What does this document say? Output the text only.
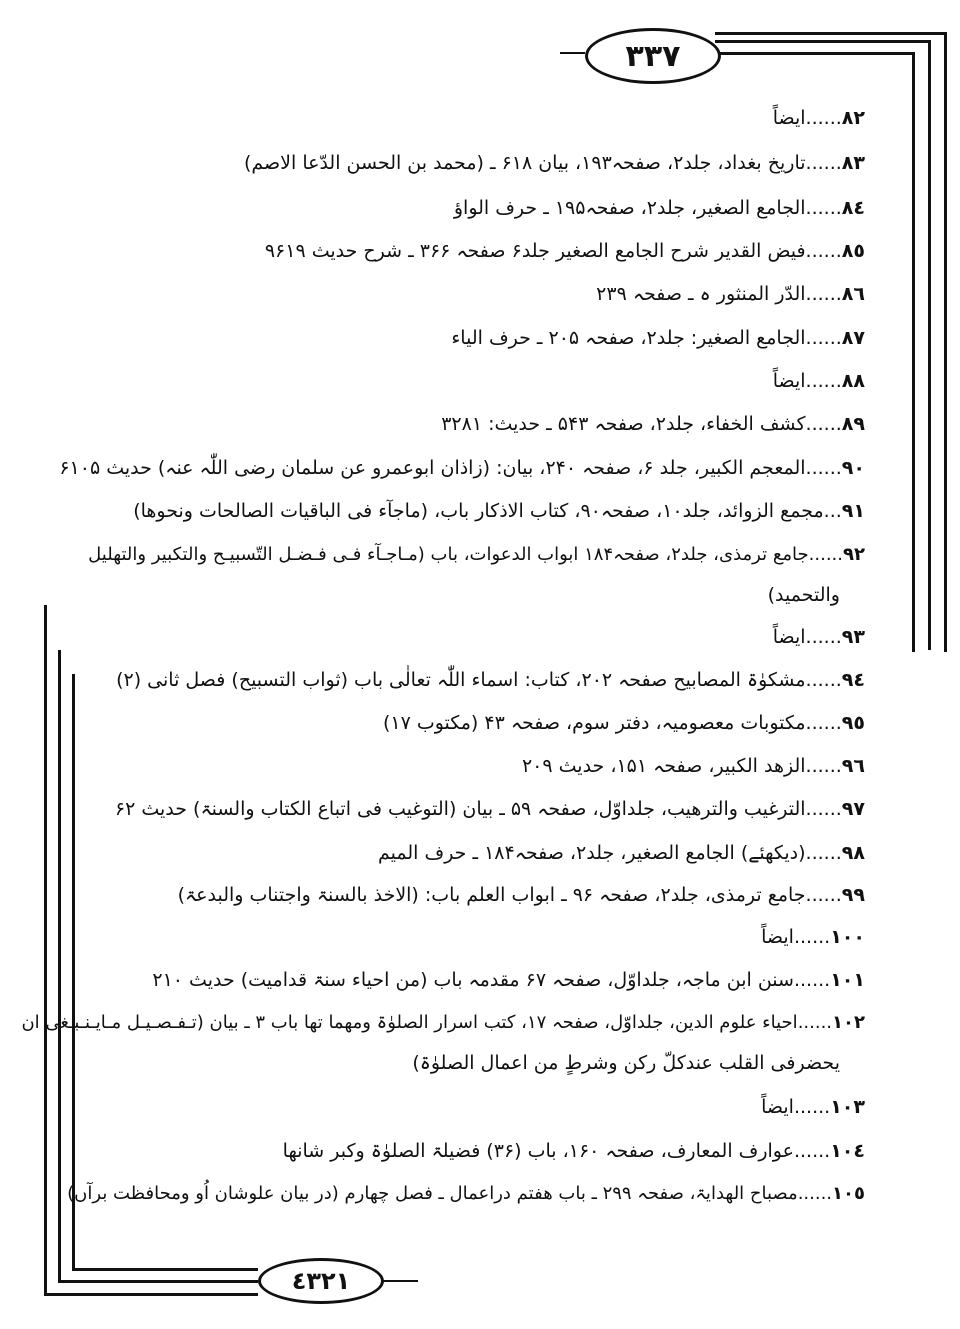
٣٣٧
٤٣٢١
٨٢......ايضاً
٨٣......تاریخ بغداد، جلد۲، صفحہ۱۹۳، بیان ۶۱۸ ـ (محمد بن الحسن الدّعا الاصم)
٨٤......الجامع الصغیر، جلد۲، صفحہ۱۹۵ ـ حرف الواؤ
٨٥......فیض القدیر شرح الجامع الصغیر جلد۶ صفحہ ۳۶۶ ـ شرح حدیث ۹۶۱۹
٨٦......الدّر المنثور ہ ـ صفحہ ۲۳۹
٨٧......الجامع الصغیر: جلد۲، صفحہ ۲۰۵ ـ حرف الیاء
٨٨......ایضاً
٨٩......کشف الخفاء، جلد۲، صفحہ ۵۴۳ ـ حدیث: ۳۲۸۱
٩٠......المعجم الکبیر، جلد ۶، صفحہ ۲۴۰، بیان: (زاذان ابوعمرو عن سلمان رضی اللّٰہ عنہ) حدیث ۶۱۰۵
٩١...مجمع الزوائد، جلد۱۰، صفحہ۹۰، کتاب الاذکار باب، (ماجآء فی الباقیات الصالحات ونحوھا)
٩٢......جامع ترمذی، جلد۲، صفحہ۱۸۴ ابواب الدعوات، باب (مـاجـآء فـی فـضـل التّسبیـح والتکبیر والتھلیل
والتحمید)
٩٣......ایضاً
٩٤......مشکوٰۃ المصابیح صفحہ ۲۰۲، کتاب: اسماء اللّٰہ تعالٰی باب (ثواب التسبیح) فصل ثانی (۲)
٩٥......مکتوبات معصومیہ، دفتر سوم، صفحہ ۴۳ (مکتوب ۱۷)
٩٦......الزھد الکبیر، صفحہ ۱۵۱، حدیث ۲۰۹
٩٧......الترغیب والترھیب، جلداوّل، صفحہ ۵۹ ـ بیان (التوغیب فی اتباع الکتاب والسنۃ) حدیث ۶۲
٩٨......(دیکھئے) الجامع الصغیر، جلد۲، صفحہ۱۸۴ ـ حرف المیم
٩٩......جامع ترمذی، جلد۲، صفحہ ۹۶ ـ ابواب العلم باب: (الاخذ بالسنۃ واجتناب والبدعۃ)
١٠٠......ایضاً
١٠١......سنن ابن ماجہ، جلداوّل، صفحہ ۶۷ مقدمہ باب (من احیاء سنۃ قدامیت) حدیث ۲۱۰
١٠٢......احیاء علوم الدین، جلداوّل، صفحہ ۱۷، کتب اسرار الصلوٰۃ ومھما تھا باب ۳ ـ بیان (تـفـصـیـل مـایـنـبـغی ان
یحضرفی القلب عندکلّ رکن وشرطٍ من اعمال الصلوٰۃ)
١٠٣......ایضاً
١٠٤......عوارف المعارف، صفحہ ۱۶۰، باب (۳۶) فضیلۃ الصلوٰۃ وکبر شانھا
١٠٥......مصباح الھدایۃ، صفحہ ۲۹۹ ـ باب ھفتم دراعمال ـ فصل چھارم (در بیان علوشان اُو ومحافظت برآں)
